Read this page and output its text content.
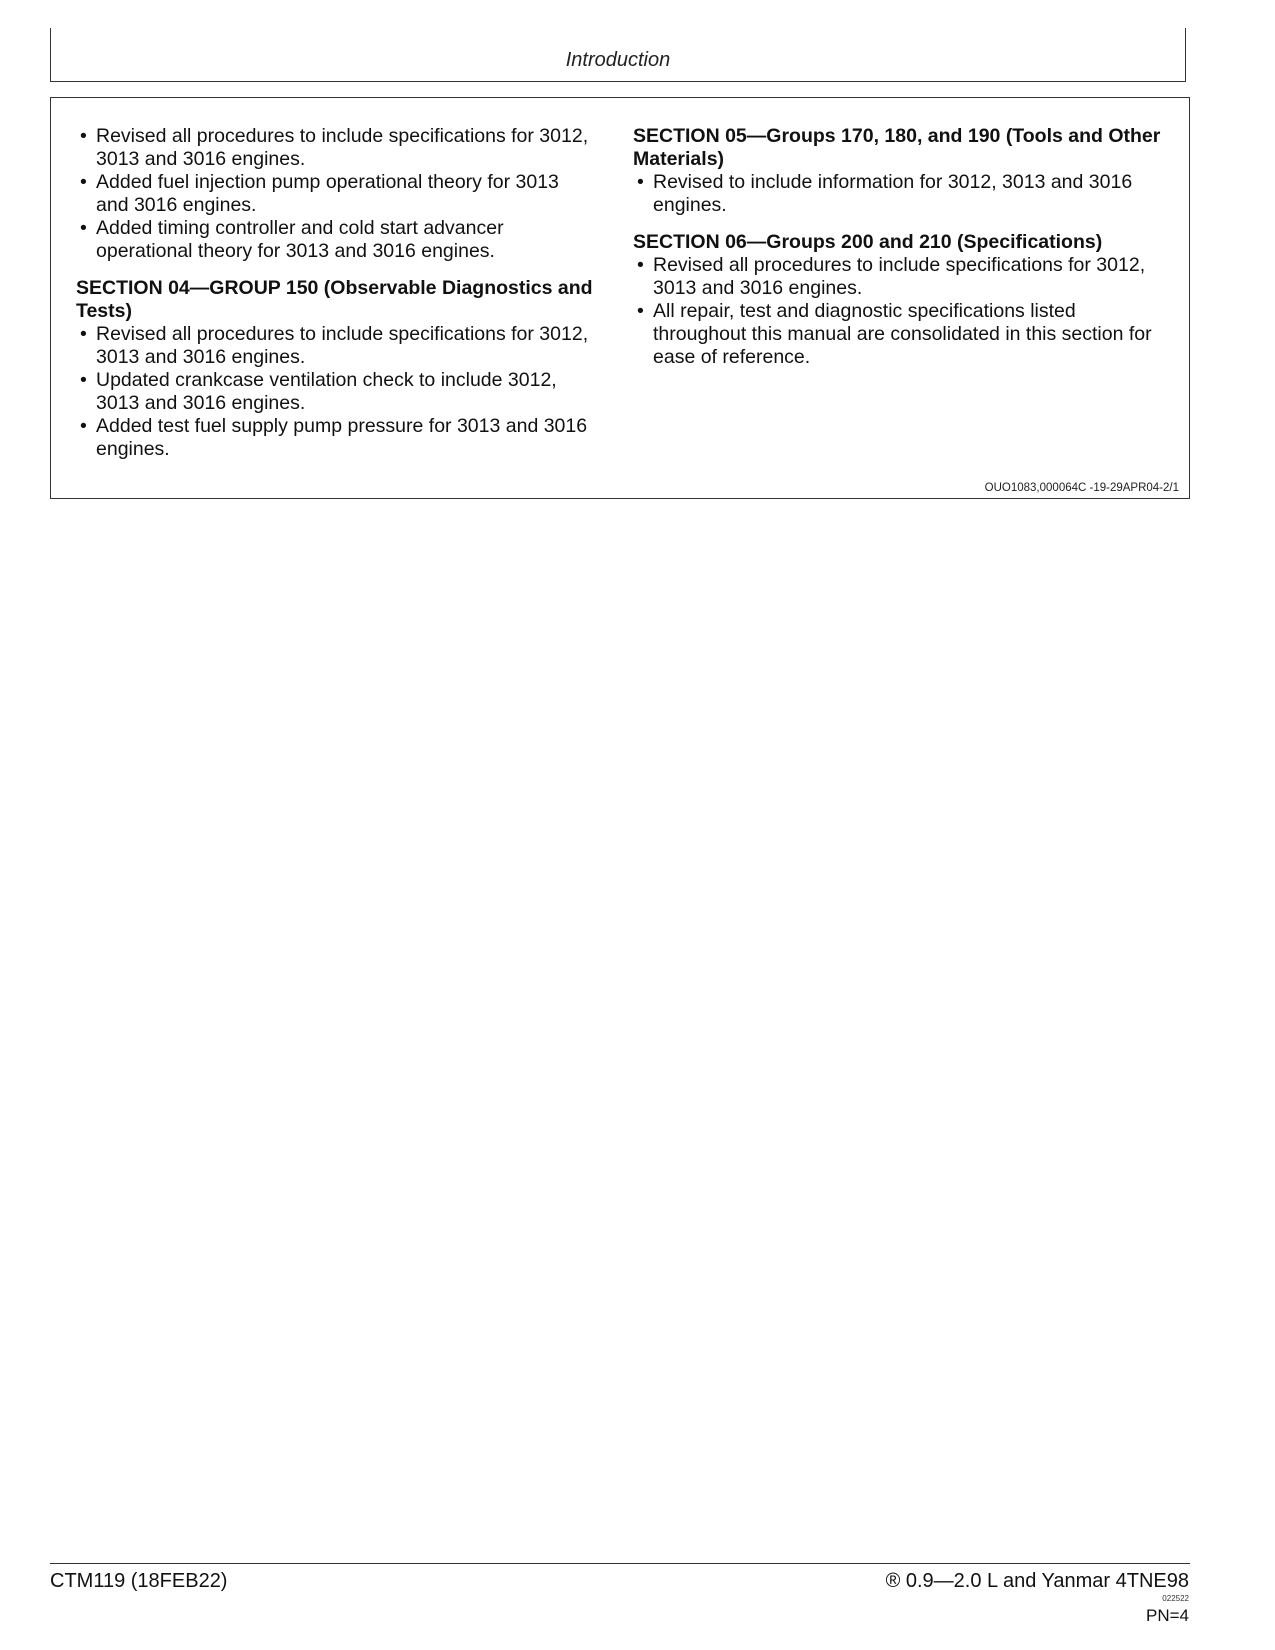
Introduction
• Revised all procedures to include specifications for 3012, 3013 and 3016 engines.
• Added fuel injection pump operational theory for 3013 and 3016 engines.
• Added timing controller and cold start advancer operational theory for 3013 and 3016 engines.

SECTION 04—GROUP 150 (Observable Diagnostics and Tests)

• Revised all procedures to include specifications for 3012, 3013 and 3016 engines.
• Updated crankcase ventilation check to include 3012, 3013 and 3016 engines.
• Added test fuel supply pump pressure for 3013 and 3016 engines.

SECTION 05—Groups 170, 180, and 190 (Tools and Other Materials)

• Revised to include information for 3012, 3013 and 3016 engines.

SECTION 06—Groups 200 and 210 (Specifications)

• Revised all procedures to include specifications for 3012, 3013 and 3016 engines.
• All repair, test and diagnostic specifications listed throughout this manual are consolidated in this section for ease of reference.
OUO1083,000064C -19-29APR04-2/1
CTM119 (18FEB22)	® 0.9—2.0 L and Yanmar 4TNE98
022522
PN=4
